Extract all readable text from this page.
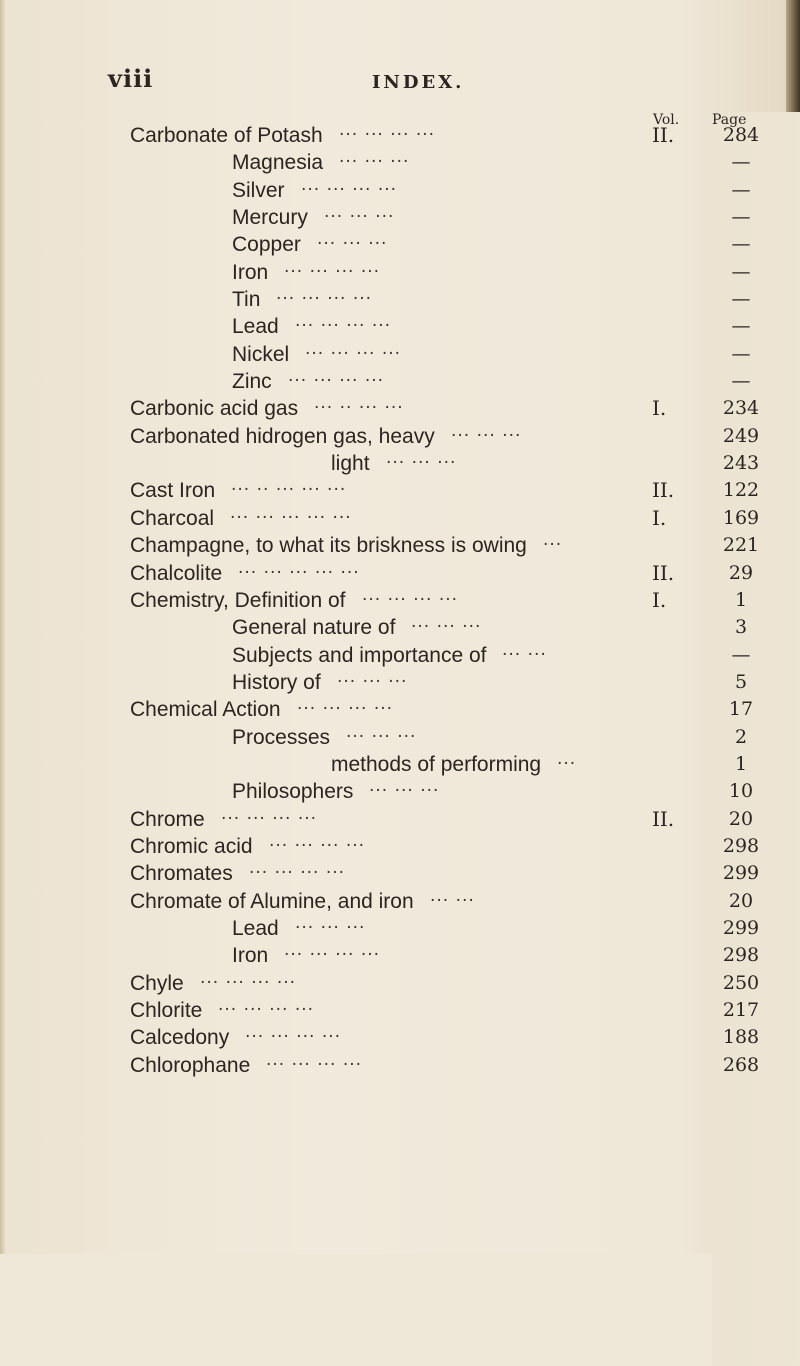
viii	INDEX.
Vol. Page
Carbonate of Potash ... ... ... ...	II.	284
Magnesia ... ... ...	—
Silver ... ... ... ...	—
Mercury ... ... ...	—
Copper ... ... ...	—
Iron ... ... ... ...	—
Tin ... ... ... ...	—
Lead ... ... ... ...	—
Nickel ... ... ... ...	—
Zinc ... ... ... ...	—
Carbonic acid gas ... .. ... ...	I.	234
Carbonated hidrogen gas, heavy ... ... ...	249
light ... ... ...	243
Cast Iron ... .. ... ... ...	II.	122
Charcoal ... ... ... ... ...	I.	169
Champagne, to what its briskness is owing ...	221
Chalcolite ... ... ... ... ...	II.	29
Chemistry, Definition of ... ... ... ...	I.	1
General nature of ... ... ...	3
Subjects and importance of ... ...	—
History of ... ... ...	5
Chemical Action ... ... ... ...	17
Processes ... ... ...	2
methods of performing ...	1
Philosophers ... ... ...	10
Chrome ... ... ... ...	II.	20
Chromic acid ... ... ... ...	298
Chromates ... ... ... ...	299
Chromate of Alumine, and iron ... ...	20
Lead ... ... ...	299
Iron ... ... ... ...	298
Chyle ... ... ... ...	250
Chlorite ... ... ... ...	217
Calcedony ... ... ... ...	188
Chlorophane ... ... ... ...	268
